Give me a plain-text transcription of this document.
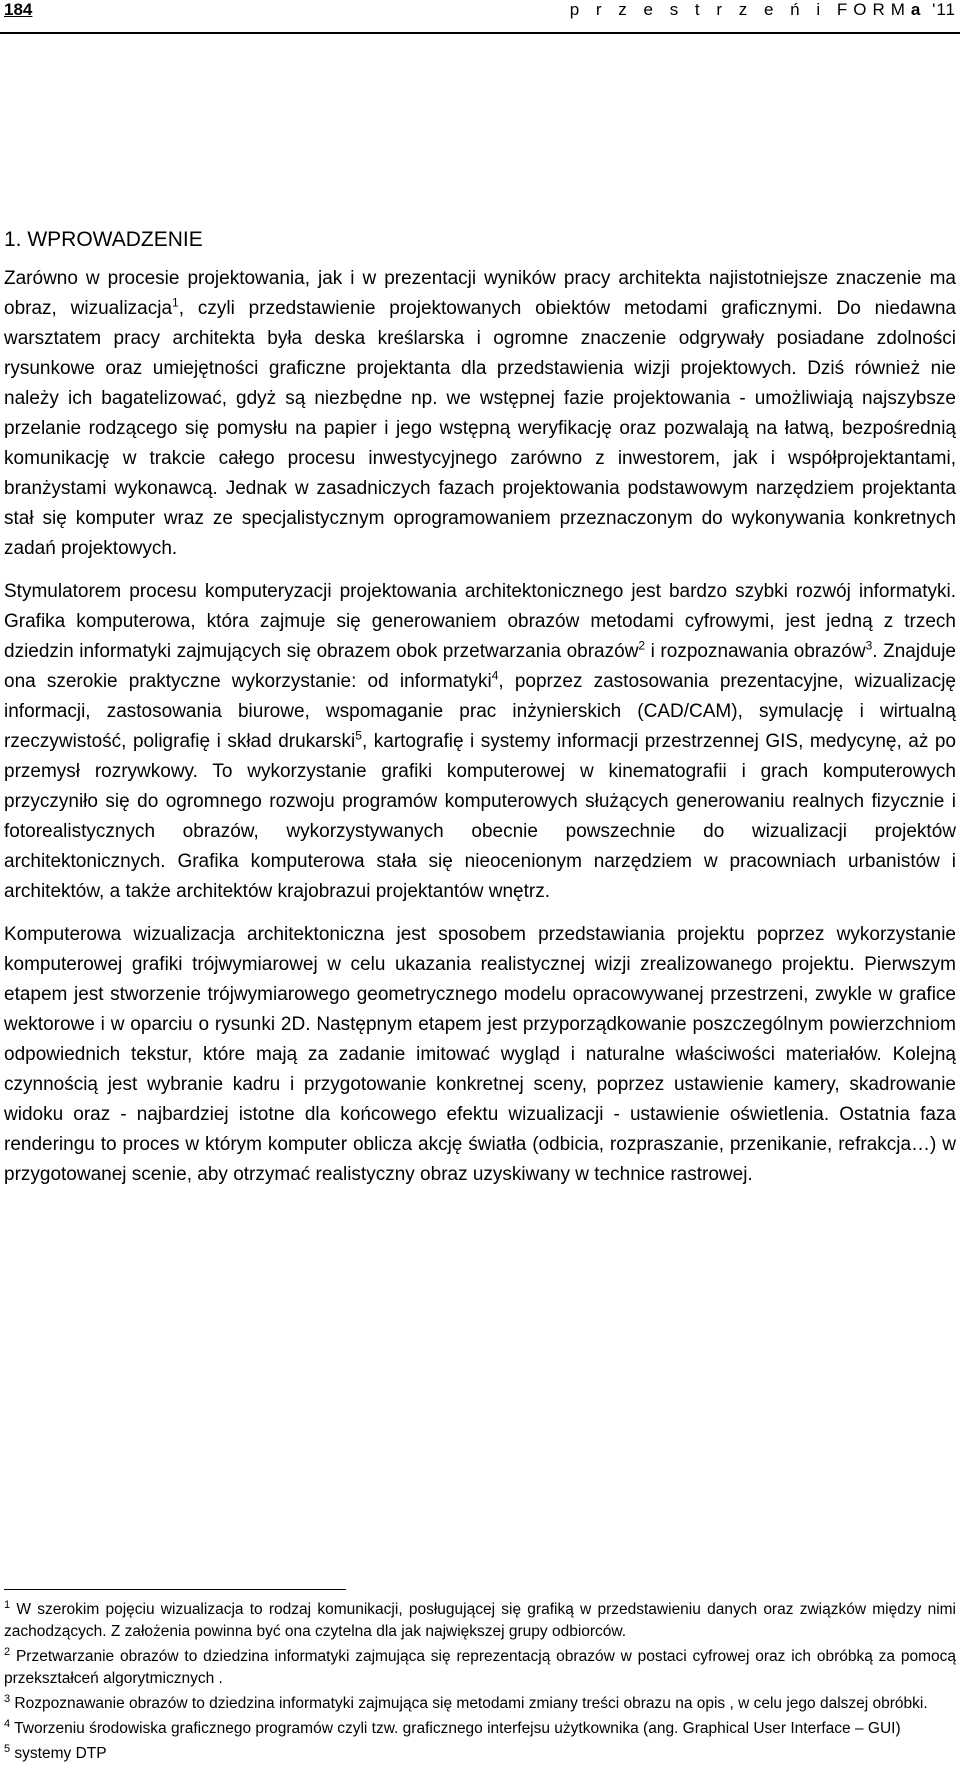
184	p r z e s t r z e ń i FORMa '11
1. WPROWADZENIE

Zarówno w procesie projektowania, jak i w prezentacji wyników pracy architekta najistotniejsze znaczenie ma obraz, wizualizacja$^1$, czyli przedstawienie projektowanych obiektów metodami graficznymi. Do niedawna warsztatem pracy architekta była deska kreślarska i ogromne znaczenie odgrywały posiadane zdolności rysunkowe oraz umiejętności graficzne projektanta dla przedstawienia wizji projektowych. Dziś również nie należy ich bagatelizować, gdyż są niezbędne np. we wstępnej fazie projektowania - umożliwiają najszybsze przelanie rodzącego się pomysłu na papier i jego wstępną weryfikację oraz pozwalają na łatwą, bezpośrednią komunikację w trakcie całego procesu inwestycyjnego zarówno z inwestorem, jak i współprojektantami, branżystami wykonawcą. Jednak w zasadniczych fazach projektowania podstawowym narzędziem projektanta stał się komputer wraz ze specjalistycznym oprogramowaniem przeznaczonym do wykonywania konkretnych zadań projektowych.

Stymulatorem procesu komputeryzacji projektowania architektonicznego jest bardzo szybki rozwój informatyki. Grafika komputerowa, która zajmuje się generowaniem obrazów metodami cyfrowymi, jest jedną z trzech dziedzin informatyki zajmujących się obrazem obok przetwarzania obrazów$^2$ i rozpoznawania obrazów$^3$. Znajduje ona szerokie praktyczne wykorzystanie: od informatyki$^4$, poprzez zastosowania prezentacyjne, wizualizację informacji, zastosowania biurowe, wspomaganie prac inżynierskich (CAD/CAM), symulację i wirtualną rzeczywistość, poligrafię i skład drukarski$^5$, kartografię i systemy informacji przestrzennej GIS, medycynę, aż po przemysł rozrywkowy. To wykorzystanie grafiki komputerowej w kinematografii i grach komputerowych przyczyniło się do ogromnego rozwoju programów komputerowych służących generowaniu realnych fizycznie i fotorealistycznych obrazów, wykorzystywanych obecnie powszechnie do wizualizacji projektów architektonicznych. Grafika komputerowa stała się nieocenionym narzędziem w pracowniach urbanistów i architektów, a także architektów krajobrazui projektantów wnętrz.

Komputerowa wizualizacja architektoniczna jest sposobem przedstawiania projektu poprzez wykorzystanie komputerowej grafiki trójwymiarowej w celu ukazania realistycznej wizji zrealizowanego projektu. Pierwszym etapem jest stworzenie trójwymiarowego geometrycznego modelu opracowywanej przestrzeni, zwykle w grafice wektorowe i w oparciu o rysunki 2D. Następnym etapem jest przyporządkowanie poszczególnym powierzchniom odpowiednich tekstur, które mają za zadanie imitować wygląd i naturalne właściwości materiałów. Kolejną czynnością jest wybranie kadru i przygotowanie konkretnej sceny, poprzez ustawienie kamery, skadrowanie widoku oraz - najbardziej istotne dla końcowego efektu wizualizacji - ustawienie oświetlenia. Ostatnia faza renderingu to proces w którym komputer oblicza akcję światła (odbicia, rozpraszanie, przenikanie, refrakcja…) w przygotowanej scenie, aby otrzymać realistyczny obraz uzyskiwany w technice rastrowej.

$^1$ W szerokim pojęciu wizualizacja to rodzaj komunikacji, posługującej się grafiką w przedstawieniu danych oraz związków między nimi zachodzących. Z założenia powinna być ona czytelna dla jak największej grupy odbiorców.

$^2$ Przetwarzanie obrazów to dziedzina informatyki zajmująca się reprezentacją obrazów w postaci cyfrowej oraz ich obróbką za pomocą przekształceń algorytmicznych .

$^3$ Rozpoznawanie obrazów to dziedzina informatyki zajmująca się metodami zmiany treści obrazu na opis , w celu jego dalszej obróbki.

$^4$ Tworzeniu środowiska graficznego programów czyli tzw. graficznego interfejsu użytkownika (ang. Graphical User Interface – GUI)

$^5$ systemy DTP
